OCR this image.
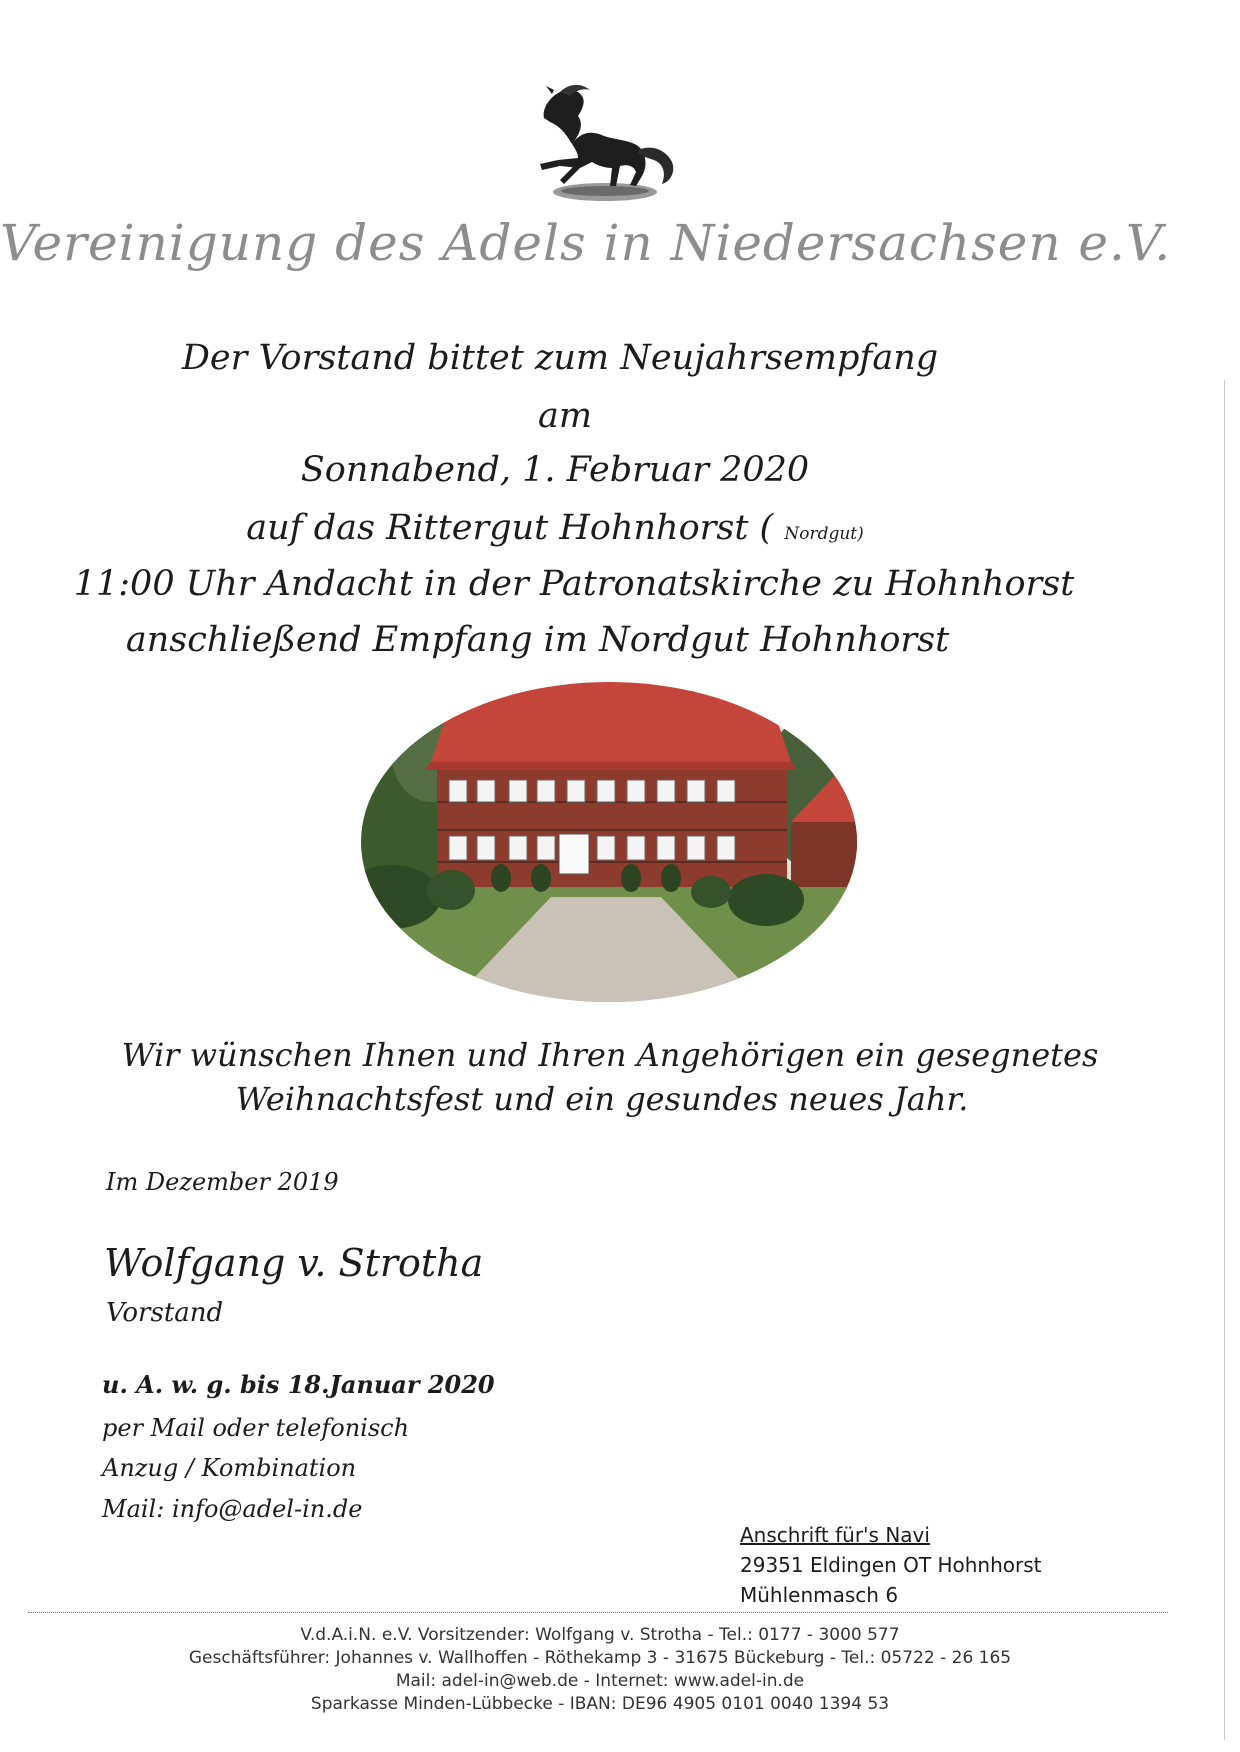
Vereinigung des Adels in Niedersachsen e.V.
Der Vorstand bittet zum Neujahrsempfang
am
Sonnabend, 1. Februar 2020
auf das Rittergut Hohnhorst ( Nordgut)
11:00 Uhr Andacht in der Patronatskirche zu Hohnhorst
anschließend Empfang im Nordgut Hohnhorst
Wir wünschen Ihnen und Ihren Angehörigen ein gesegnetes
Weihnachtsfest und ein gesundes neues Jahr.
Im Dezember 2019
Wolfgang v. Strotha
Vorstand
u. A. w. g. bis 18.Januar 2020
per Mail oder telefonisch
Anzug / Kombination
Mail: info@adel-in.de
Anschrift für's Navi
29351 Eldingen OT Hohnhorst
Mühlenmasch 6
V.d.A.i.N. e.V. Vorsitzender: Wolfgang v. Strotha - Tel.: 0177 - 3000 577
Geschäftsführer: Johannes v. Wallhoffen - Röthekamp 3 - 31675 Bückeburg - Tel.: 05722 - 26 165
Mail: adel-in@web.de - Internet: www.adel-in.de
Sparkasse Minden-Lübbecke - IBAN: DE96 4905 0101 0040 1394 53
